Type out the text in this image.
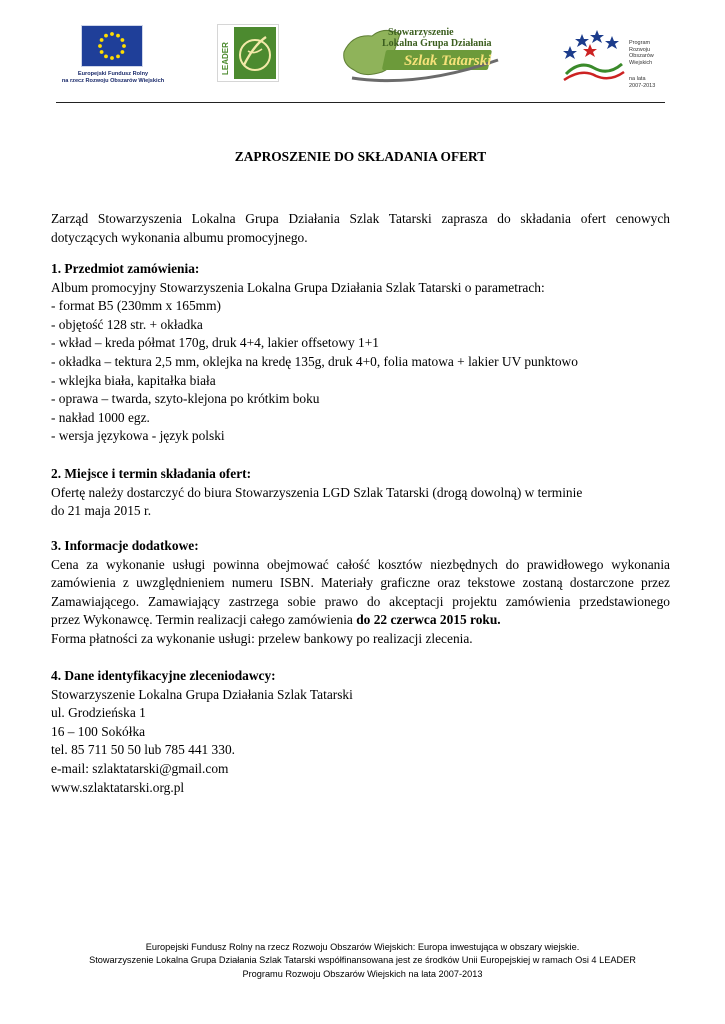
Europejski Fundusz Rolny
na rzecz Rozwoju Obszarów Wiejskich
LEADER
Stowarzyszenie
Lokalna Grupa Działania
Szlak Tatarski
Program
Rozwoju
Obszarów
Wiejskich
na lata 2007-2013
ZAPROSZENIE DO SKŁADANIA OFERT
Zarząd Stowarzyszenia Lokalna Grupa Działania Szlak Tatarski zaprasza do składania ofert cenowych
dotyczących wykonania albumu promocyjnego.
1. Przedmiot zamówienia:
Album promocyjny Stowarzyszenia Lokalna Grupa Działania Szlak Tatarski o parametrach:
- format B5 (230mm x 165mm)
- objętość 128 str. + okładka
- wkład – kreda półmat 170g, druk 4+4, lakier offsetowy 1+1
- okładka – tektura 2,5 mm, oklejka na kredę 135g, druk 4+0, folia matowa + lakier UV punktowo
- wklejka biała, kapitałka biała
- oprawa – twarda, szyto-klejona po krótkim boku
- nakład 1000 egz.
- wersja językowa - język polski
2. Miejsce i termin składania ofert:
Ofertę należy dostarczyć do biura Stowarzyszenia LGD Szlak Tatarski (drogą dowolną) w terminie
do 21 maja 2015 r.
3. Informacje dodatkowe:
Cena za wykonanie usługi powinna obejmować całość kosztów niezbędnych do prawidłowego wykonania
zamówienia z uwzględnieniem numeru ISBN. Materiały graficzne oraz tekstowe zostaną dostarczone przez
Zamawiającego. Zamawiający zastrzega sobie prawo do akceptacji projektu zamówienia przedstawionego
przez Wykonawcę. Termin realizacji całego zamówienia do 22 czerwca 2015 roku.
Forma płatności za wykonanie usługi: przelew bankowy po realizacji zlecenia.
4. Dane identyfikacyjne zleceniodawcy:
Stowarzyszenie Lokalna Grupa Działania Szlak Tatarski
ul. Grodzieńska 1
16 – 100 Sokółka
tel. 85 711 50 50 lub 785 441 330.
e-mail: szlaktatarski@gmail.com
www.szlaktatarski.org.pl
Europejski Fundusz Rolny na rzecz Rozwoju Obszarów Wiejskich: Europa inwestująca w obszary wiejskie.
Stowarzyszenie Lokalna Grupa Działania Szlak Tatarski współfinansowana jest ze środków Unii Europejskiej w ramach Osi 4 LEADER
Programu Rozwoju Obszarów Wiejskich na lata 2007-2013
